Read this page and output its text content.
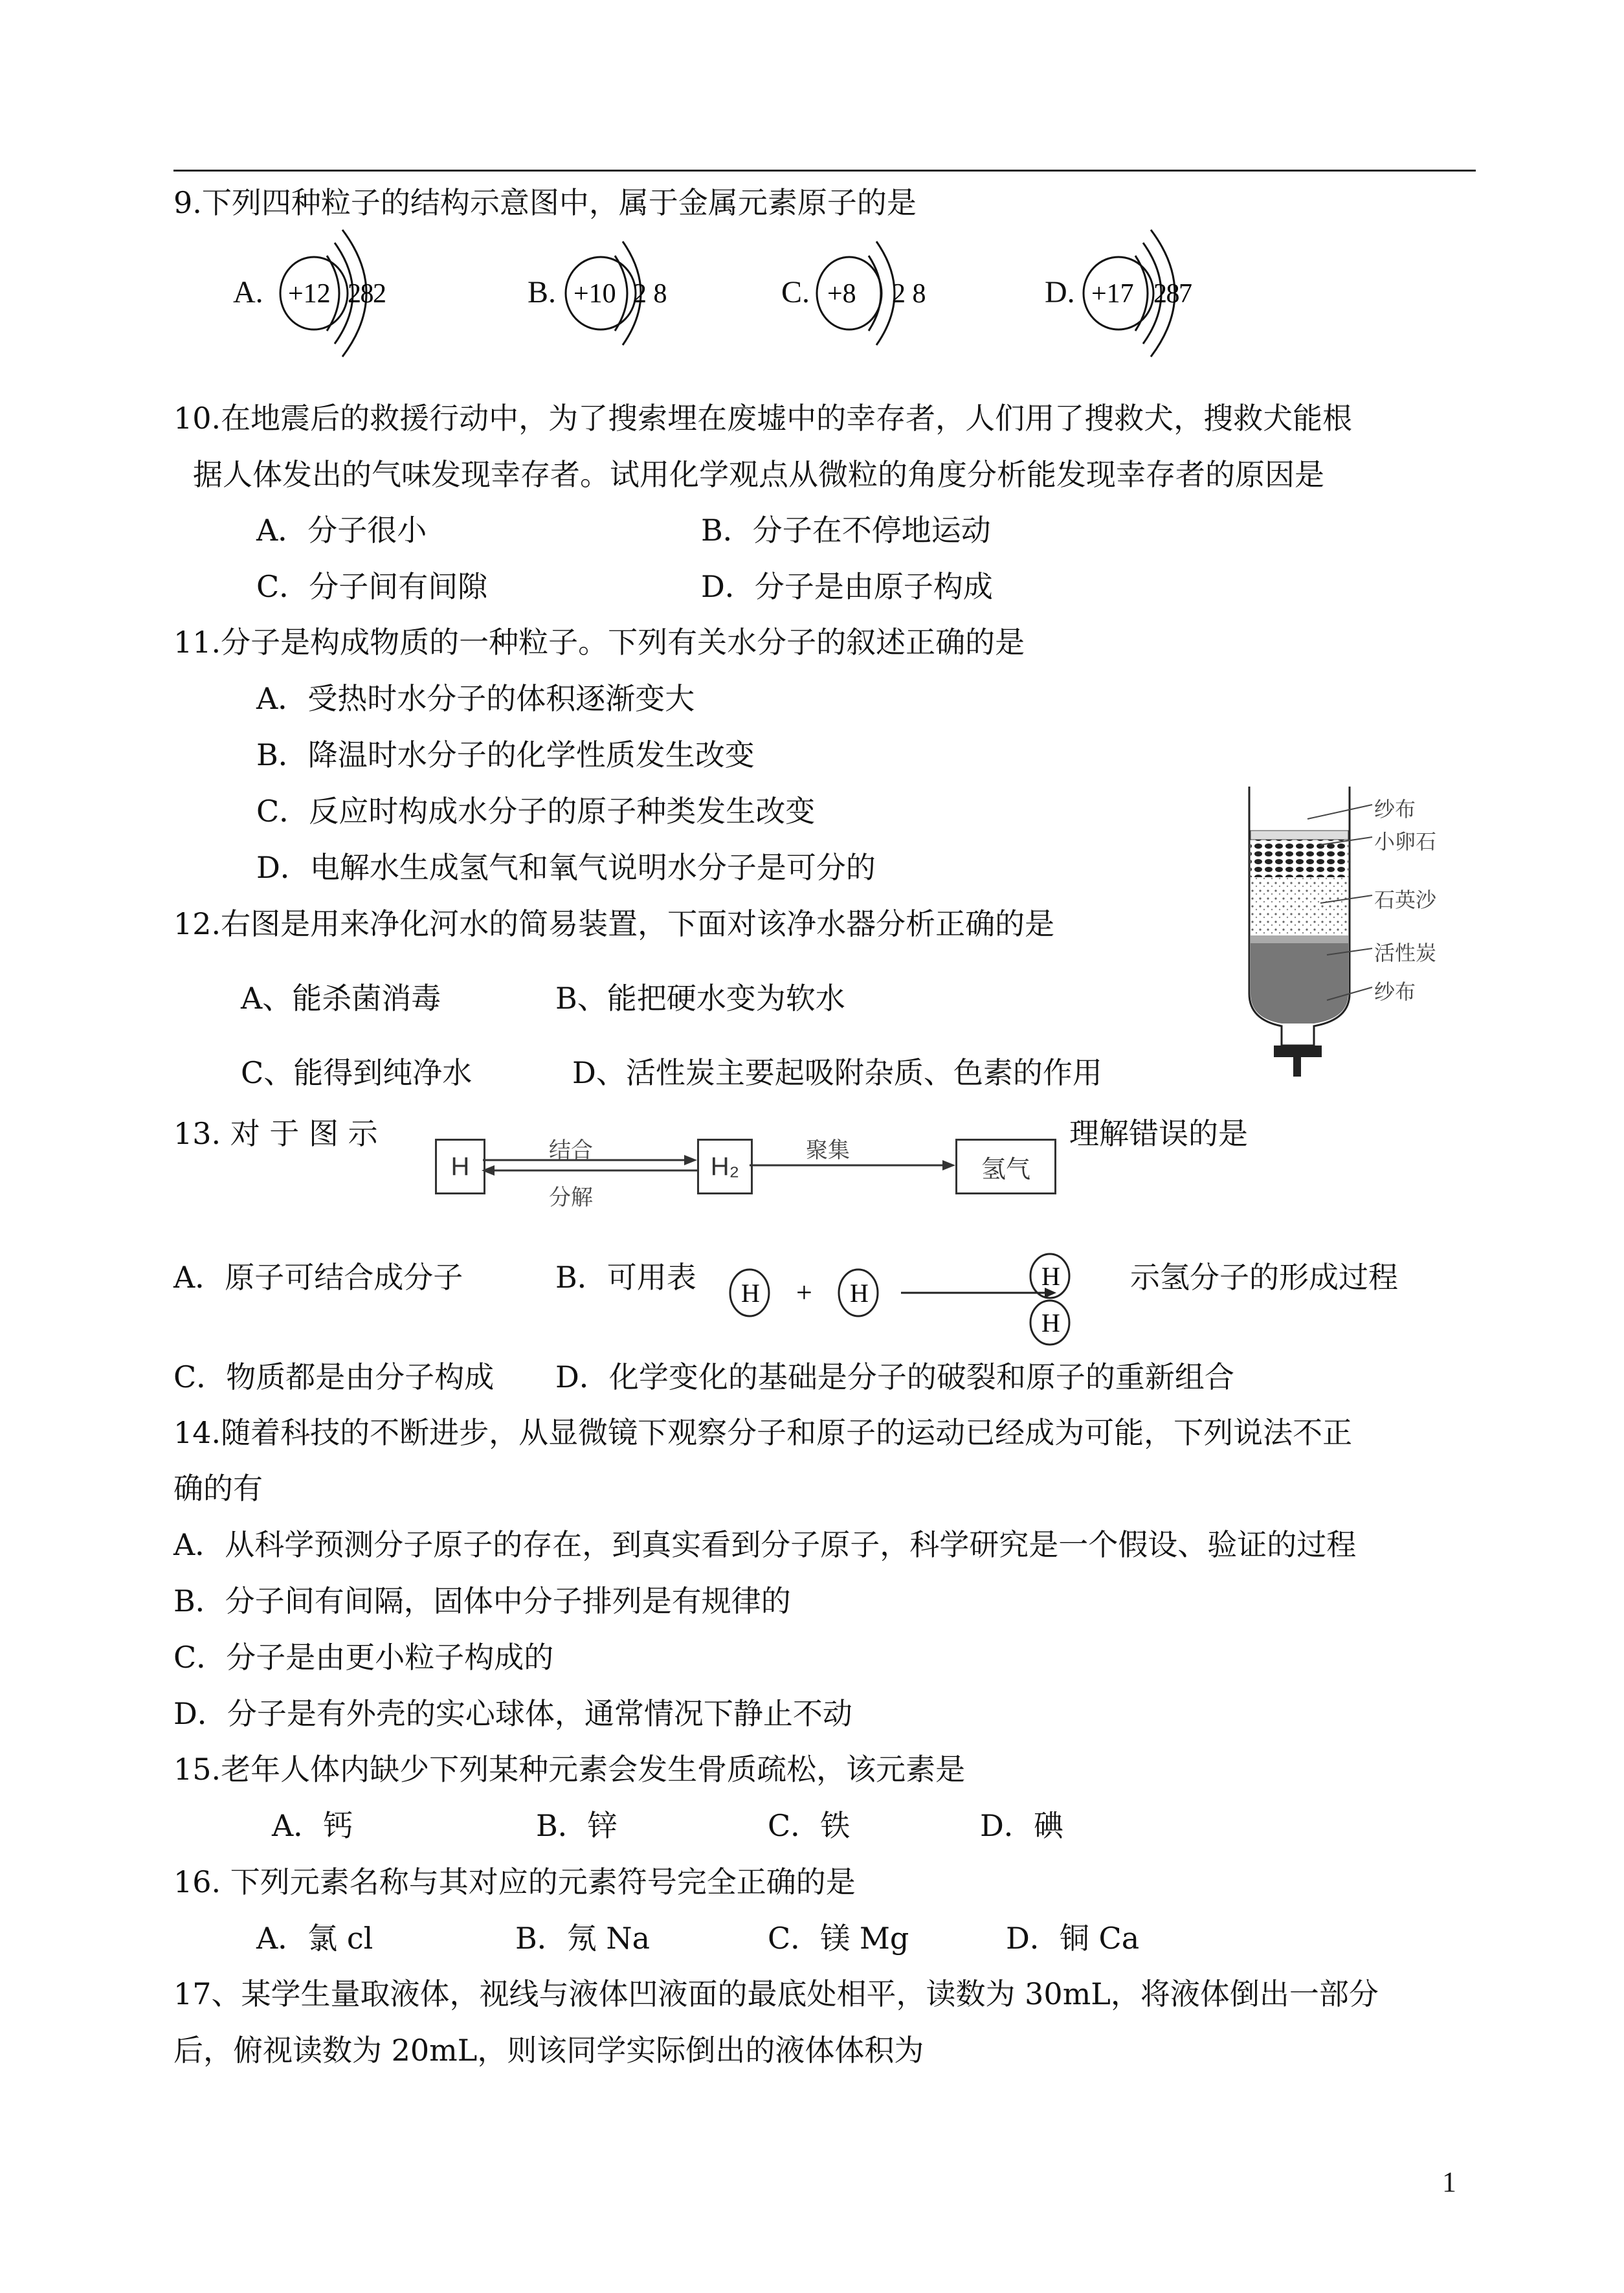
9.下列四种粒子的结构示意图中，属于金属元素原子的是
A. +12 2 8 2	B. +10 2 8	C. +8 2 8	D. +17 2 8 7
10.在地震后的救援行动中，为了搜索埋在废墟中的幸存者，人们用了搜救犬，搜救犬能根
据人体发出的气味发现幸存者。试用化学观点从微粒的角度分析能发现幸存者的原因是
A．分子很小	B．分子在不停地运动
C．分子间有间隙	D．分子是由原子构成
11.分子是构成物质的一种粒子。下列有关水分子的叙述正确的是
A．受热时水分子的体积逐渐变大
B．降温时水分子的化学性质发生改变
C．反应时构成水分子的原子种类发生改变
D．电解水生成氢气和氧气说明水分子是可分的
纱布
小卵石
石英沙
活性炭
纱布
12.右图是用来净化河水的简易装置，下面对该净水器分析正确的是
A、能杀菌消毒	B、能把硬水变为软水
C、能得到纯净水	D、活性炭主要起吸附杂质、色素的作用
13. 对 于 图 示
H	H₂	氢气
结合
分解
聚集	理解错误的是
A．原子可结合成分子	B．可用表 H + H
H
H
示氢分子的形成过程
C．物质都是由分子构成 D．化学变化的基础是分子的破裂和原子的重新组合
14.随着科技的不断进步，从显微镜下观察分子和原子的运动已经成为可能，下列说法不正
确的有
A．从科学预测分子原子的存在，到真实看到分子原子，科学研究是一个假设、验证的过程
B．分子间有间隔，固体中分子排列是有规律的
C．分子是由更小粒子构成的
D．分子是有外壳的实心球体，通常情况下静止不动
15.老年人体内缺少下列某种元素会发生骨质疏松，该元素是
A．钙	B．锌	C．铁	D．碘
16. 下列元素名称与其对应的元素符号完全正确的是
A．氯 cl	B．氖 Na	C．镁 Mg	D．铜 Ca
17、某学生量取液体，视线与液体凹液面的最底处相平，读数为 30mL，将液体倒出一部分
后，俯视读数为 20mL，则该同学实际倒出的液体体积为
1
